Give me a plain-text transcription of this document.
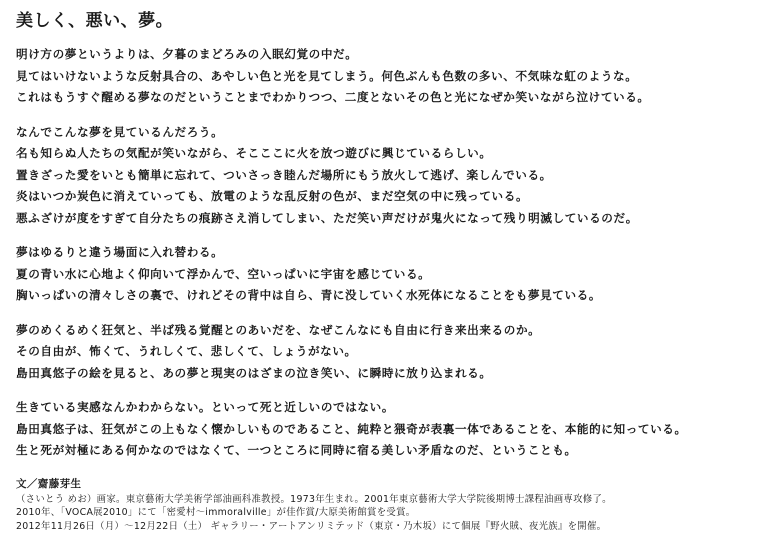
美しく、悪い、夢。
明け方の夢というよりは、夕暮のまどろみの入眠幻覚の中だ。
見てはいけないような反射具合の、あやしい色と光を見てしまう。何色ぶんも色数の多い、不気味な虹のような。
これはもうすぐ醒める夢なのだということまでわかりつつ、二度とないその色と光になぜか笑いながら泣けている。
なんでこんな夢を見ているんだろう。
名も知らぬ人たちの気配が笑いながら、そこここに火を放つ遊びに興じているらしい。
置きざった愛をいとも簡単に忘れて、ついさっき睦んだ場所にもう放火して逃げ、楽しんでいる。
炎はいつか炭色に消えていっても、放電のような乱反射の色が、まだ空気の中に残っている。
悪ふざけが度をすぎて自分たちの痕跡さえ消してしまい、ただ笑い声だけが鬼火になって残り明滅しているのだ。
夢はゆるりと違う場面に入れ替わる。
夏の青い水に心地よく仰向いて浮かんで、空いっぱいに宇宙を感じている。
胸いっぱいの清々しさの裏で、けれどその背中は自ら、青に没していく水死体になることをも夢見ている。
夢のめくるめく狂気と、半ば残る覚醒とのあいだを、なぜこんなにも自由に行き来出来るのか。
その自由が、怖くて、うれしくて、悲しくて、しょうがない。
島田真悠子の絵を見ると、あの夢と現実のはざまの泣き笑い、に瞬時に放り込まれる。
生きている実感なんかわからない。といって死と近しいのではない。
島田真悠子は、狂気がこの上もなく懐かしいものであること、純粋と猥奇が表裏一体であることを、本能的に知っている。
生と死が対極にある何かなのではなくて、一つところに同時に宿る美しい矛盾なのだ、ということも。
文／齋藤芽生
（さいとう めお）画家。東京藝術大学美術学部油画科准教授。1973年生まれ。2001年東京藝術大学大学院後期博士課程油画専攻修了。
2010年、「VOCA展2010」にて「密愛村〜immoralville」が佳作賞/大原美術館賞を受賞。
2012年11月26日（月）〜12月22日（土） ギャラリー・アートアンリミテッド（東京・乃木坂）にて個展『野火賊、夜光族』を開催。
